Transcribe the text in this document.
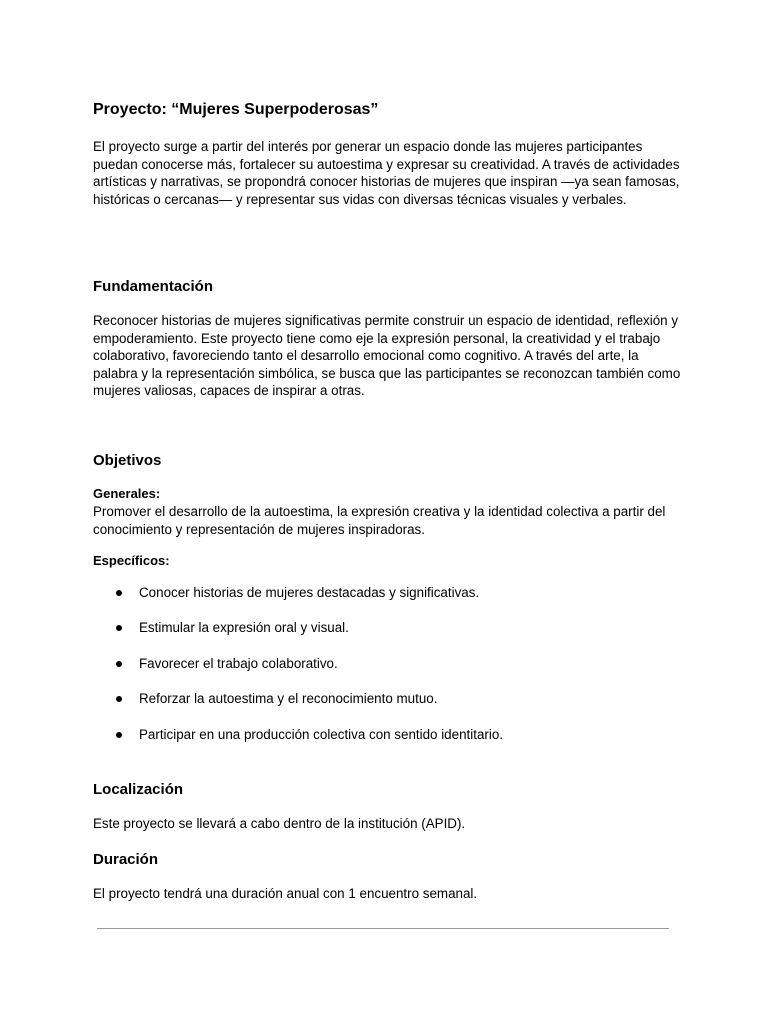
Proyecto: “Mujeres Superpoderosas”
El proyecto surge a partir del interés por generar un espacio donde las mujeres participantes puedan conocerse más, fortalecer su autoestima y expresar su creatividad. A través de actividades artísticas y narrativas, se propondrá conocer historias de mujeres que inspiran —ya sean famosas, históricas o cercanas— y representar sus vidas con diversas técnicas visuales y verbales.
Fundamentación
Reconocer historias de mujeres significativas permite construir un espacio de identidad, reflexión y empoderamiento. Este proyecto tiene como eje la expresión personal, la creatividad y el trabajo colaborativo, favoreciendo tanto el desarrollo emocional como cognitivo. A través del arte, la palabra y la representación simbólica, se busca que las participantes se reconozcan también como mujeres valiosas, capaces de inspirar a otras.
Objetivos
Generales:
Promover el desarrollo de la autoestima, la expresión creativa y la identidad colectiva a partir del conocimiento y representación de mujeres inspiradoras.
Específicos:
Conocer historias de mujeres destacadas y significativas.
Estimular la expresión oral y visual.
Favorecer el trabajo colaborativo.
Reforzar la autoestima y el reconocimiento mutuo.
Participar en una producción colectiva con sentido identitario.
Localización
Este proyecto se llevará a cabo dentro de la institución (APID).
Duración
El proyecto tendrá una duración anual con 1 encuentro semanal.
